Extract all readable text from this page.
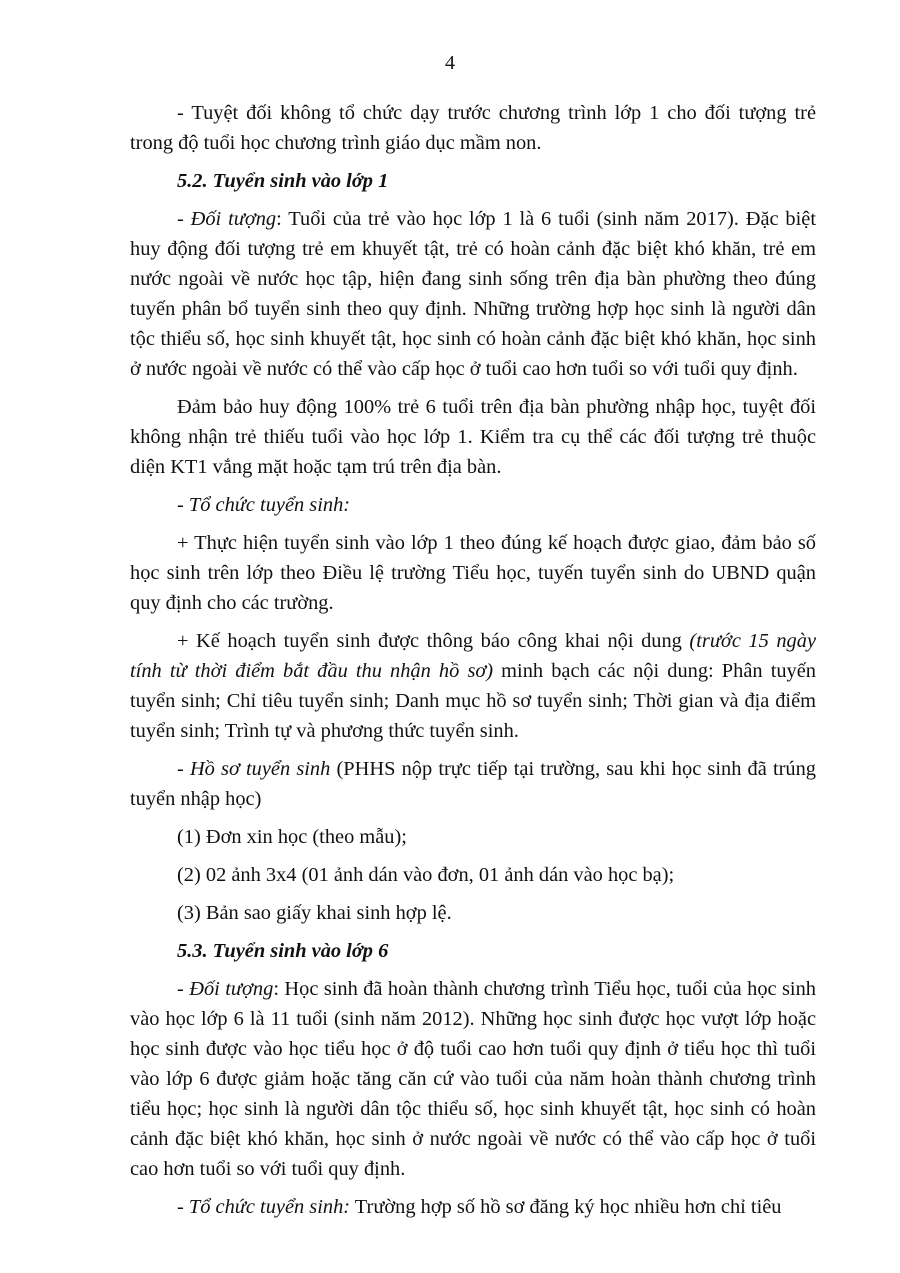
4

- Tuyệt đối không tổ chức dạy trước chương trình lớp 1 cho đối tượng trẻ trong độ tuổi học chương trình giáo dục mầm non.

5.2. Tuyển sinh vào lớp 1

- Đối tượng: Tuổi của trẻ vào học lớp 1 là 6 tuổi (sinh năm 2017). Đặc biệt huy động đối tượng trẻ em khuyết tật, trẻ có hoàn cảnh đặc biệt khó khăn, trẻ em nước ngoài về nước học tập, hiện đang sinh sống trên địa bàn phường theo đúng tuyến phân bổ tuyển sinh theo quy định. Những trường hợp học sinh là người dân tộc thiểu số, học sinh khuyết tật, học sinh có hoàn cảnh đặc biệt khó khăn, học sinh ở nước ngoài về nước có thể vào cấp học ở tuổi cao hơn tuổi so với tuổi quy định.

Đảm bảo huy động 100% trẻ 6 tuổi trên địa bàn phường nhập học, tuyệt đối không nhận trẻ thiếu tuổi vào học lớp 1. Kiểm tra cụ thể các đối tượng trẻ thuộc diện KT1 vắng mặt hoặc tạm trú trên địa bàn.

- Tổ chức tuyển sinh:

+ Thực hiện tuyển sinh vào lớp 1 theo đúng kế hoạch được giao, đảm bảo số học sinh trên lớp theo Điều lệ trường Tiểu học, tuyến tuyển sinh do UBND quận quy định cho các trường.

+ Kế hoạch tuyển sinh được thông báo công khai nội dung (trước 15 ngày tính từ thời điểm bắt đầu thu nhận hồ sơ) minh bạch các nội dung: Phân tuyến tuyển sinh; Chỉ tiêu tuyển sinh; Danh mục hồ sơ tuyển sinh; Thời gian và địa điểm tuyển sinh; Trình tự và phương thức tuyển sinh.

- Hồ sơ tuyển sinh (PHHS nộp trực tiếp tại trường, sau khi học sinh đã trúng tuyển nhập học)

(1) Đơn xin học (theo mẫu);

(2) 02 ảnh 3x4 (01 ảnh dán vào đơn, 01 ảnh dán vào học bạ);

(3) Bản sao giấy khai sinh hợp lệ.

5.3. Tuyển sinh vào lớp 6

- Đối tượng: Học sinh đã hoàn thành chương trình Tiểu học, tuổi của học sinh vào học lớp 6 là 11 tuổi (sinh năm 2012). Những học sinh được học vượt lớp hoặc học sinh được vào học tiểu học ở độ tuổi cao hơn tuổi quy định ở tiểu học thì tuổi vào lớp 6 được giảm hoặc tăng căn cứ vào tuổi của năm hoàn thành chương trình tiểu học; học sinh là người dân tộc thiểu số, học sinh khuyết tật, học sinh có hoàn cảnh đặc biệt khó khăn, học sinh ở nước ngoài về nước có thể vào cấp học ở tuổi cao hơn tuổi so với tuổi quy định.

- Tổ chức tuyển sinh: Trường hợp số hồ sơ đăng ký học nhiều hơn chỉ tiêu
